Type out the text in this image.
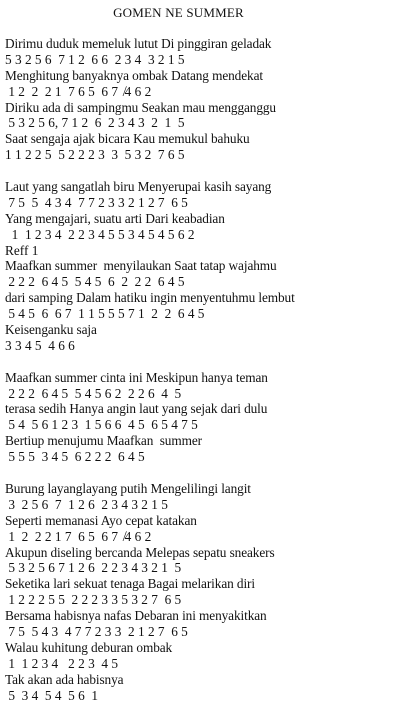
GOMEN NE SUMMER
Dirimu duduk memeluk lutut Di pinggiran geladak
5 3 2 5 6  7 1 2  6 6  2 3 4  3 2 1 5
Menghitung banyaknya ombak Datang mendekat
1 2  2  2 1  7 6 5  6 7  ̸4 6 2
Diriku ada di sampingmu Seakan mau mengganggu
5 3 2 5 6, 7 1 2  6  2 3 4 3  2  1  5
Saat sengaja ajak bicara Kau memukul bahuku
1 1 2 2 5  5 2 2 2 3  3  5 3 2  7 6 5
Laut yang sangatlah biru Menyerupai kasih sayang
7 5  5  4 3 4  7 7 2 3 3 2 1 2 7  6 5
Yang mengajari, suatu arti Dari keabadian
1  1 2 3 4  2 2 3 4 5 5 3 4 5 4 5 6 2
Reff 1
Maafkan summer  menyilaukan Saat tatap wajahmu
2 2 2  6 4 5  5 4 5  6  2  2 2  6 4 5
dari samping Dalam hatiku ingin menyentuhmu lembut
5 4 5  6  6 7  1 1 5 5 5 7 1  2  2  6 4 5
Keisenganku saja
3 3 4 5  4 6 6
Maafkan summer cinta ini Meskipun hanya teman
2 2 2  6 4 5  5 4 5 6 2  2 2 6  4  5
terasa sedih Hanya angin laut yang sejak dari dulu
5 4  5 6 1 2 3  1 5 6 6  4 5  6 5 4 7 5
Bertiup menujumu Maafkan  summer
5 5 5  3 4 5  6 2 2 2  6 4 5
Burung layanglayang putih Mengelilingi langit
3  2 5 6  7  1 2 6  2 3 4 3 2 1 5
Seperti memanasi Ayo cepat katakan
1  2  2 2 1 7  6 5  6 7  ̸4 6 2
Akupun diseling bercanda Melepas sepatu sneakers
5 3 2 5 6 7 1 2 6  2 2 3 4 3 2 1  5
Seketika lari sekuat tenaga Bagai melarikan diri
1 2 2 2 5 5  2 2 2 3 3 5 3 2 7  6 5
Bersama habisnya nafas Debaran ini menyakitkan
7 5  5 4 3  4 7 7 2 3 3  2 1 2 7  6 5
Walau kuhitung deburan ombak
1  1 2 3 4   2 2 3  4 5
Tak akan ada habisnya
5  3 4  5 4  5 6  1
